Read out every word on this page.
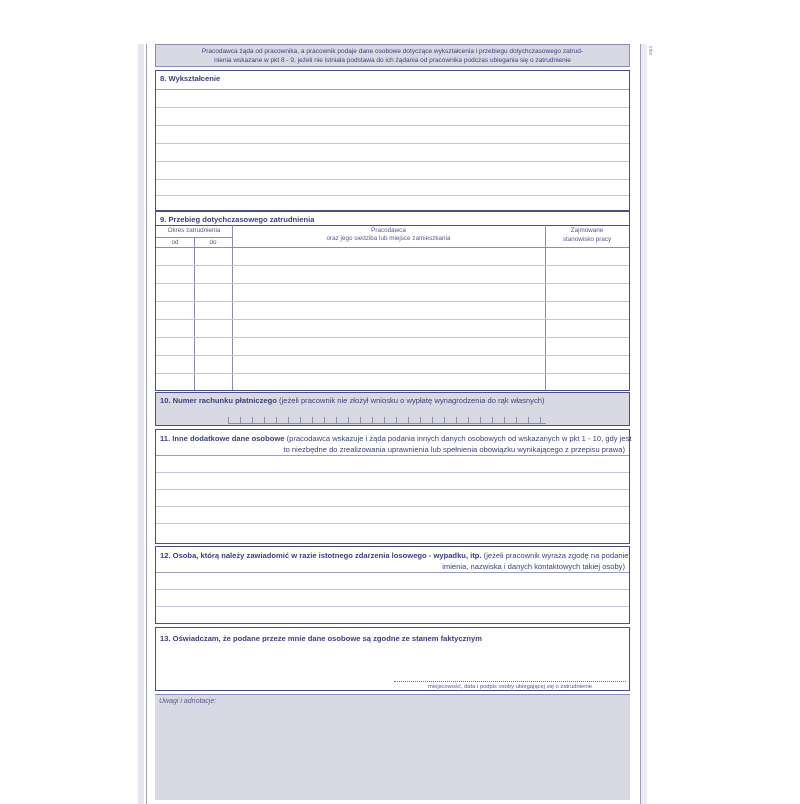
inter
Pracodawca żąda od pracownika, a pracownik podaje dane osobowe dotyczące wykształcenia i przebiegu dotychczasowego zatrud-
nienia wskazane w pkt 8 - 9, jeżeli nie istniała podstawa do ich żądania od pracownika podczas ubiegania się o zatrudnienie
8. Wykształcenie
9. Przebieg dotychczasowego zatrudnienia
Okres zatrudnienia
od	do
Pracodawca
oraz jego siedziba lub miejsce zamieszkania
Zajmowane
stanowisko pracy
10. Numer rachunku płatniczego (jeżeli pracownik nie złożył wniosku o wypłatę wynagrodzenia do rąk własnych)
11. Inne dodatkowe dane osobowe (pracodawca wskazuje i żąda podania innych danych osobowych od wskazanych w pkt 1 - 10, gdy jest
to niezbędne do zrealizowania uprawnienia lub spełnienia obowiązku wynikającego z przepisu prawa)
12. Osoba, którą należy zawiadomić w razie istotnego zdarzenia losowego - wypadku, itp. (jeżeli pracownik wyraża zgodę na podanie
imienia, nazwiska i danych kontaktowych takiej osoby)
13. Oświadczam, że podane przeze mnie dane osobowe są zgodne ze stanem faktycznym
miejscowość, data i podpis osoby ubiegającej się o zatrudnienie
Uwagi i adnotacje:
